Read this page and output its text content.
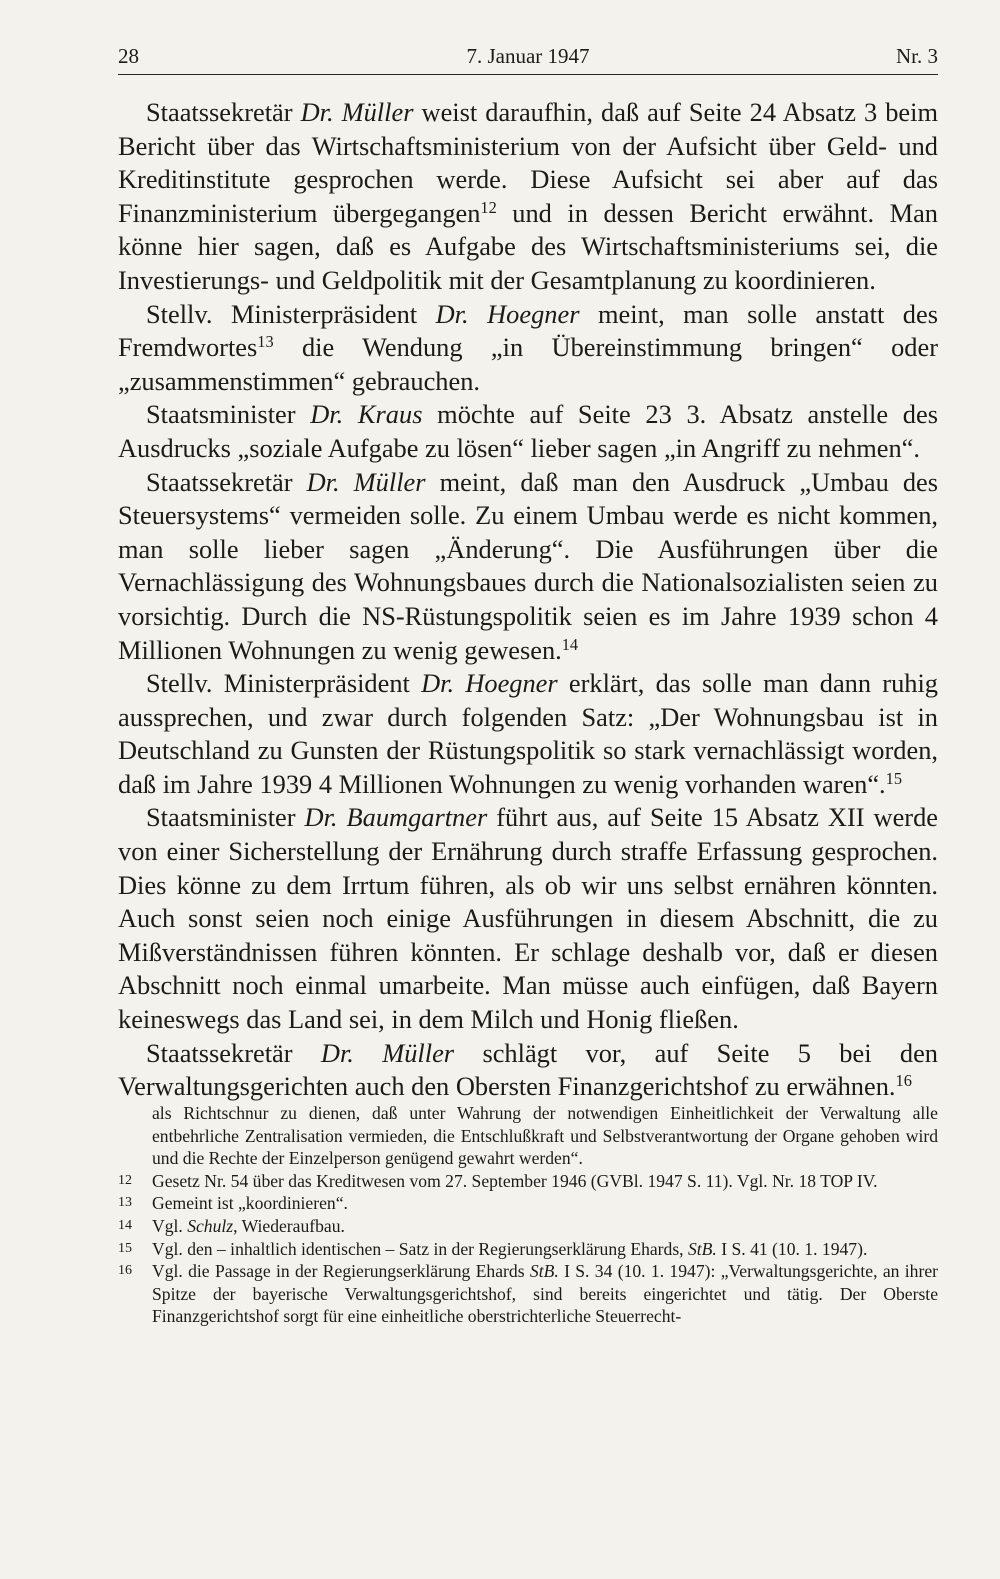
28	7. Januar 1947	Nr. 3

Staatssekretär Dr. Müller weist daraufhin, daß auf Seite 24 Absatz 3 beim Bericht über das Wirtschaftsministerium von der Aufsicht über Geld- und Kreditinstitute gesprochen werde. Diese Aufsicht sei aber auf das Finanzministerium übergegangen$^{12}$ und in dessen Bericht erwähnt. Man könne hier sagen, daß es Aufgabe des Wirtschaftsministeriums sei, die Investierungs- und Geldpolitik mit der Gesamtplanung zu koordinieren.

Stellv. Ministerpräsident Dr. Hoegner meint, man solle anstatt des Fremdwortes$^{13}$ die Wendung „in Übereinstimmung bringen“ oder „zusammenstimmen“ gebrauchen.

Staatsminister Dr. Kraus möchte auf Seite 23 3. Absatz anstelle des Ausdrucks „soziale Aufgabe zu lösen“ lieber sagen „in Angriff zu nehmen“.

Staatssekretär Dr. Müller meint, daß man den Ausdruck „Umbau des Steuersystems“ vermeiden solle. Zu einem Umbau werde es nicht kommen, man solle lieber sagen „Änderung“. Die Ausführungen über die Vernachlässigung des Wohnungsbaues durch die Nationalsozialisten seien zu vorsichtig. Durch die NS-Rüstungspolitik seien es im Jahre 1939 schon 4 Millionen Wohnungen zu wenig gewesen.$^{14}$

Stellv. Ministerpräsident Dr. Hoegner erklärt, das solle man dann ruhig aussprechen, und zwar durch folgenden Satz: „Der Wohnungsbau ist in Deutschland zu Gunsten der Rüstungspolitik so stark vernachlässigt worden, daß im Jahre 1939 4 Millionen Wohnungen zu wenig vorhanden waren“.$^{15}$

Staatsminister Dr. Baumgartner führt aus, auf Seite 15 Absatz XII werde von einer Sicherstellung der Ernährung durch straffe Erfassung gesprochen. Dies könne zu dem Irrtum führen, als ob wir uns selbst ernähren könnten. Auch sonst seien noch einige Ausführungen in diesem Abschnitt, die zu Mißverständnissen führen könnten. Er schlage deshalb vor, daß er diesen Abschnitt noch einmal umarbeite. Man müsse auch einfügen, daß Bayern keineswegs das Land sei, in dem Milch und Honig fließen.

Staatssekretär Dr. Müller schlägt vor, auf Seite 5 bei den Verwaltungsgerichten auch den Obersten Finanzgerichtshof zu erwähnen.$^{16}$

als Richtschnur zu dienen, daß unter Wahrung der notwendigen Einheitlichkeit der Verwaltung alle entbehrliche Zentralisation vermieden, die Entschlußkraft und Selbstverantwortung der Organe gehoben wird und die Rechte der Einzelperson genügend gewahrt werden“.

12 Gesetz Nr. 54 über das Kreditwesen vom 27. September 1946 (GVBl. 1947 S. 11). Vgl. Nr. 18 TOP IV.

13 Gemeint ist „koordinieren“.

14 Vgl. Schulz, Wiederaufbau.

15 Vgl. den – inhaltlich identischen – Satz in der Regierungserklärung Ehards, StB. I S. 41 (10. 1. 1947).

16 Vgl. die Passage in der Regierungserklärung Ehards StB. I S. 34 (10. 1. 1947): „Verwaltungsgerichte, an ihrer Spitze der bayerische Verwaltungsgerichtshof, sind bereits eingerichtet und tätig. Der Oberste Finanzgerichtshof sorgt für eine einheitliche oberstrichterliche Steuerrecht-
